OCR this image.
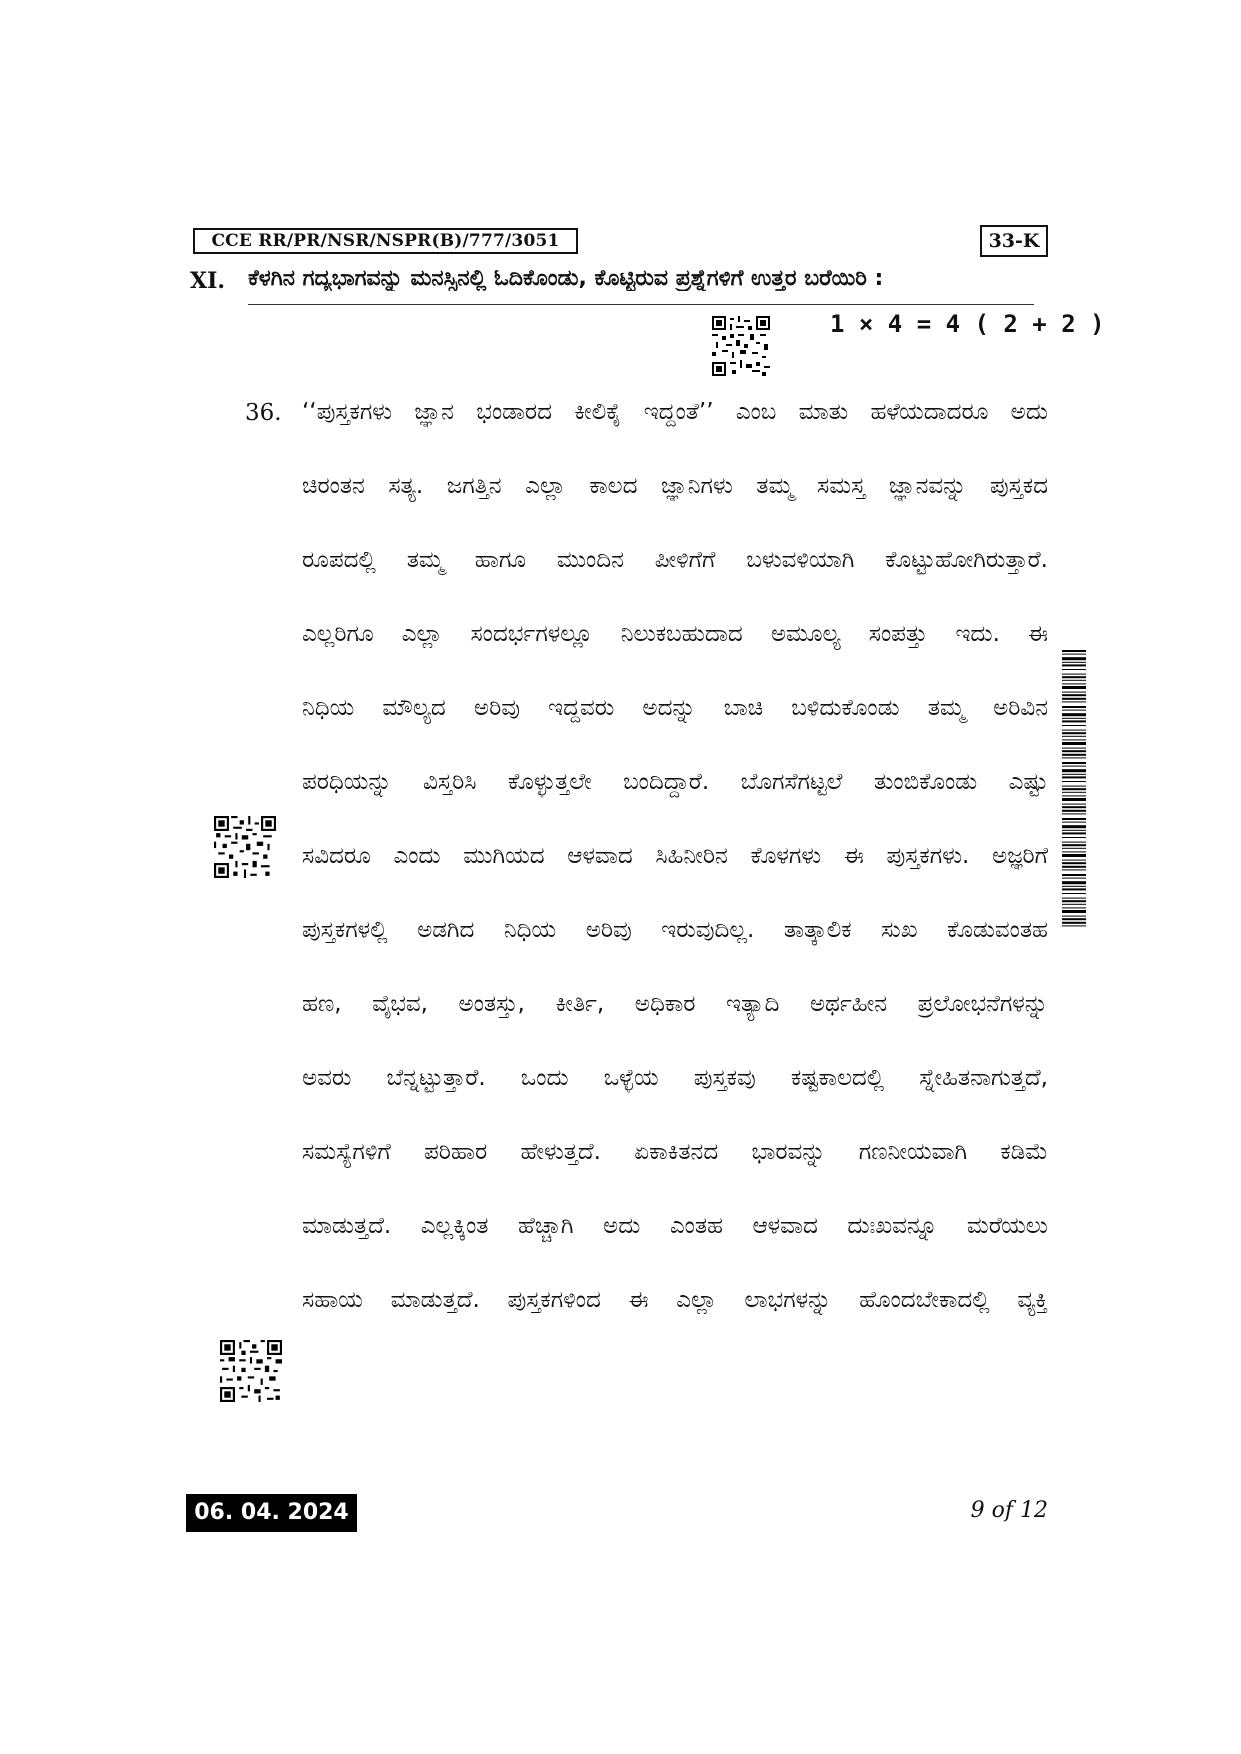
CCE RR/PR/NSR/NSPR(B)/777/3051	33-K
XI. ಕೆಳಗಿನ ಗದ್ಯಭಾಗವನ್ನು ಮನಸ್ಸಿನಲ್ಲಿ ಓದಿಕೊಂಡು, ಕೊಟ್ಟಿರುವ ಪ್ರಶ್ನೆಗಳಿಗೆ ಉತ್ತರ ಬರೆಯಿರಿ :
1 × 4 = 4 ( 2 + 2 )
36. ‘‘ಪುಸ್ತಕಗಳು ಜ್ಞಾನ ಭಂಡಾರದ ಕೀಲಿಕೈ ಇದ್ದಂತೆ’’ ಎಂಬ ಮಾತು ಹಳೆಯದಾದರೂ ಅದು
ಚಿರಂತನ ಸತ್ಯ. ಜಗತ್ತಿನ ಎಲ್ಲಾ ಕಾಲದ ಜ್ಞಾನಿಗಳು ತಮ್ಮ ಸಮಸ್ತ ಜ್ಞಾನವನ್ನು ಪುಸ್ತಕದ
ರೂಪದಲ್ಲಿ ತಮ್ಮ ಹಾಗೂ ಮುಂದಿನ ಪೀಳಿಗೆಗೆ ಬಳುವಳಿಯಾಗಿ ಕೊಟ್ಟುಹೋಗಿರುತ್ತಾರೆ.
ಎಲ್ಲರಿಗೂ ಎಲ್ಲಾ ಸಂದರ್ಭಗಳಲ್ಲೂ ನಿಲುಕಬಹುದಾದ ಅಮೂಲ್ಯ ಸಂಪತ್ತು ಇದು. ಈ
ನಿಧಿಯ ಮೌಲ್ಯದ ಅರಿವು ಇದ್ದವರು ಅದನ್ನು ಬಾಚಿ ಬಳಿದುಕೊಂಡು ತಮ್ಮ ಅರಿವಿನ
ಪರಧಿಯನ್ನು ವಿಸ್ತರಿಸಿ ಕೊಳ್ಳುತ್ತಲೇ ಬಂದಿದ್ದಾರೆ. ಬೊಗಸೆಗಟ್ಟಲೆ ತುಂಬಿಕೊಂಡು ಎಷ್ಟು
ಸವಿದರೂ ಎಂದು ಮುಗಿಯದ ಆಳವಾದ ಸಿಹಿನೀರಿನ ಕೊಳಗಳು ಈ ಪುಸ್ತಕಗಳು. ಅಜ್ಞರಿಗೆ
ಪುಸ್ತಕಗಳಲ್ಲಿ ಅಡಗಿದ ನಿಧಿಯ ಅರಿವು ಇರುವುದಿಲ್ಲ. ತಾತ್ಕಾಲಿಕ ಸುಖ ಕೊಡುವಂತಹ
ಹಣ, ವೈಭವ, ಅಂತಸ್ತು, ಕೀರ್ತಿ, ಅಧಿಕಾರ ಇತ್ಯಾದಿ ಅರ್ಥಹೀನ ಪ್ರಲೋಭನೆಗಳನ್ನು
ಅವರು ಬೆನ್ನಟ್ಟುತ್ತಾರೆ. ಒಂದು ಒಳ್ಳೆಯ ಪುಸ್ತಕವು ಕಷ್ಟಕಾಲದಲ್ಲಿ ಸ್ನೇಹಿತನಾಗುತ್ತದೆ,
ಸಮಸ್ಯೆಗಳಿಗೆ ಪರಿಹಾರ ಹೇಳುತ್ತದೆ. ಏಕಾಕಿತನದ ಭಾರವನ್ನು ಗಣನೀಯವಾಗಿ ಕಡಿಮೆ
ಮಾಡುತ್ತದೆ. ಎಲ್ಲಕ್ಕಿಂತ ಹೆಚ್ಚಾಗಿ ಅದು ಎಂತಹ ಆಳವಾದ ದುಃಖವನ್ನೂ ಮರೆಯಲು
ಸಹಾಯ ಮಾಡುತ್ತದೆ. ಪುಸ್ತಕಗಳಿಂದ ಈ ಎಲ್ಲಾ ಲಾಭಗಳನ್ನು ಹೊಂದಬೇಕಾದಲ್ಲಿ ವ್ಯಕ್ತಿ
06. 04. 2024	9 of 12
